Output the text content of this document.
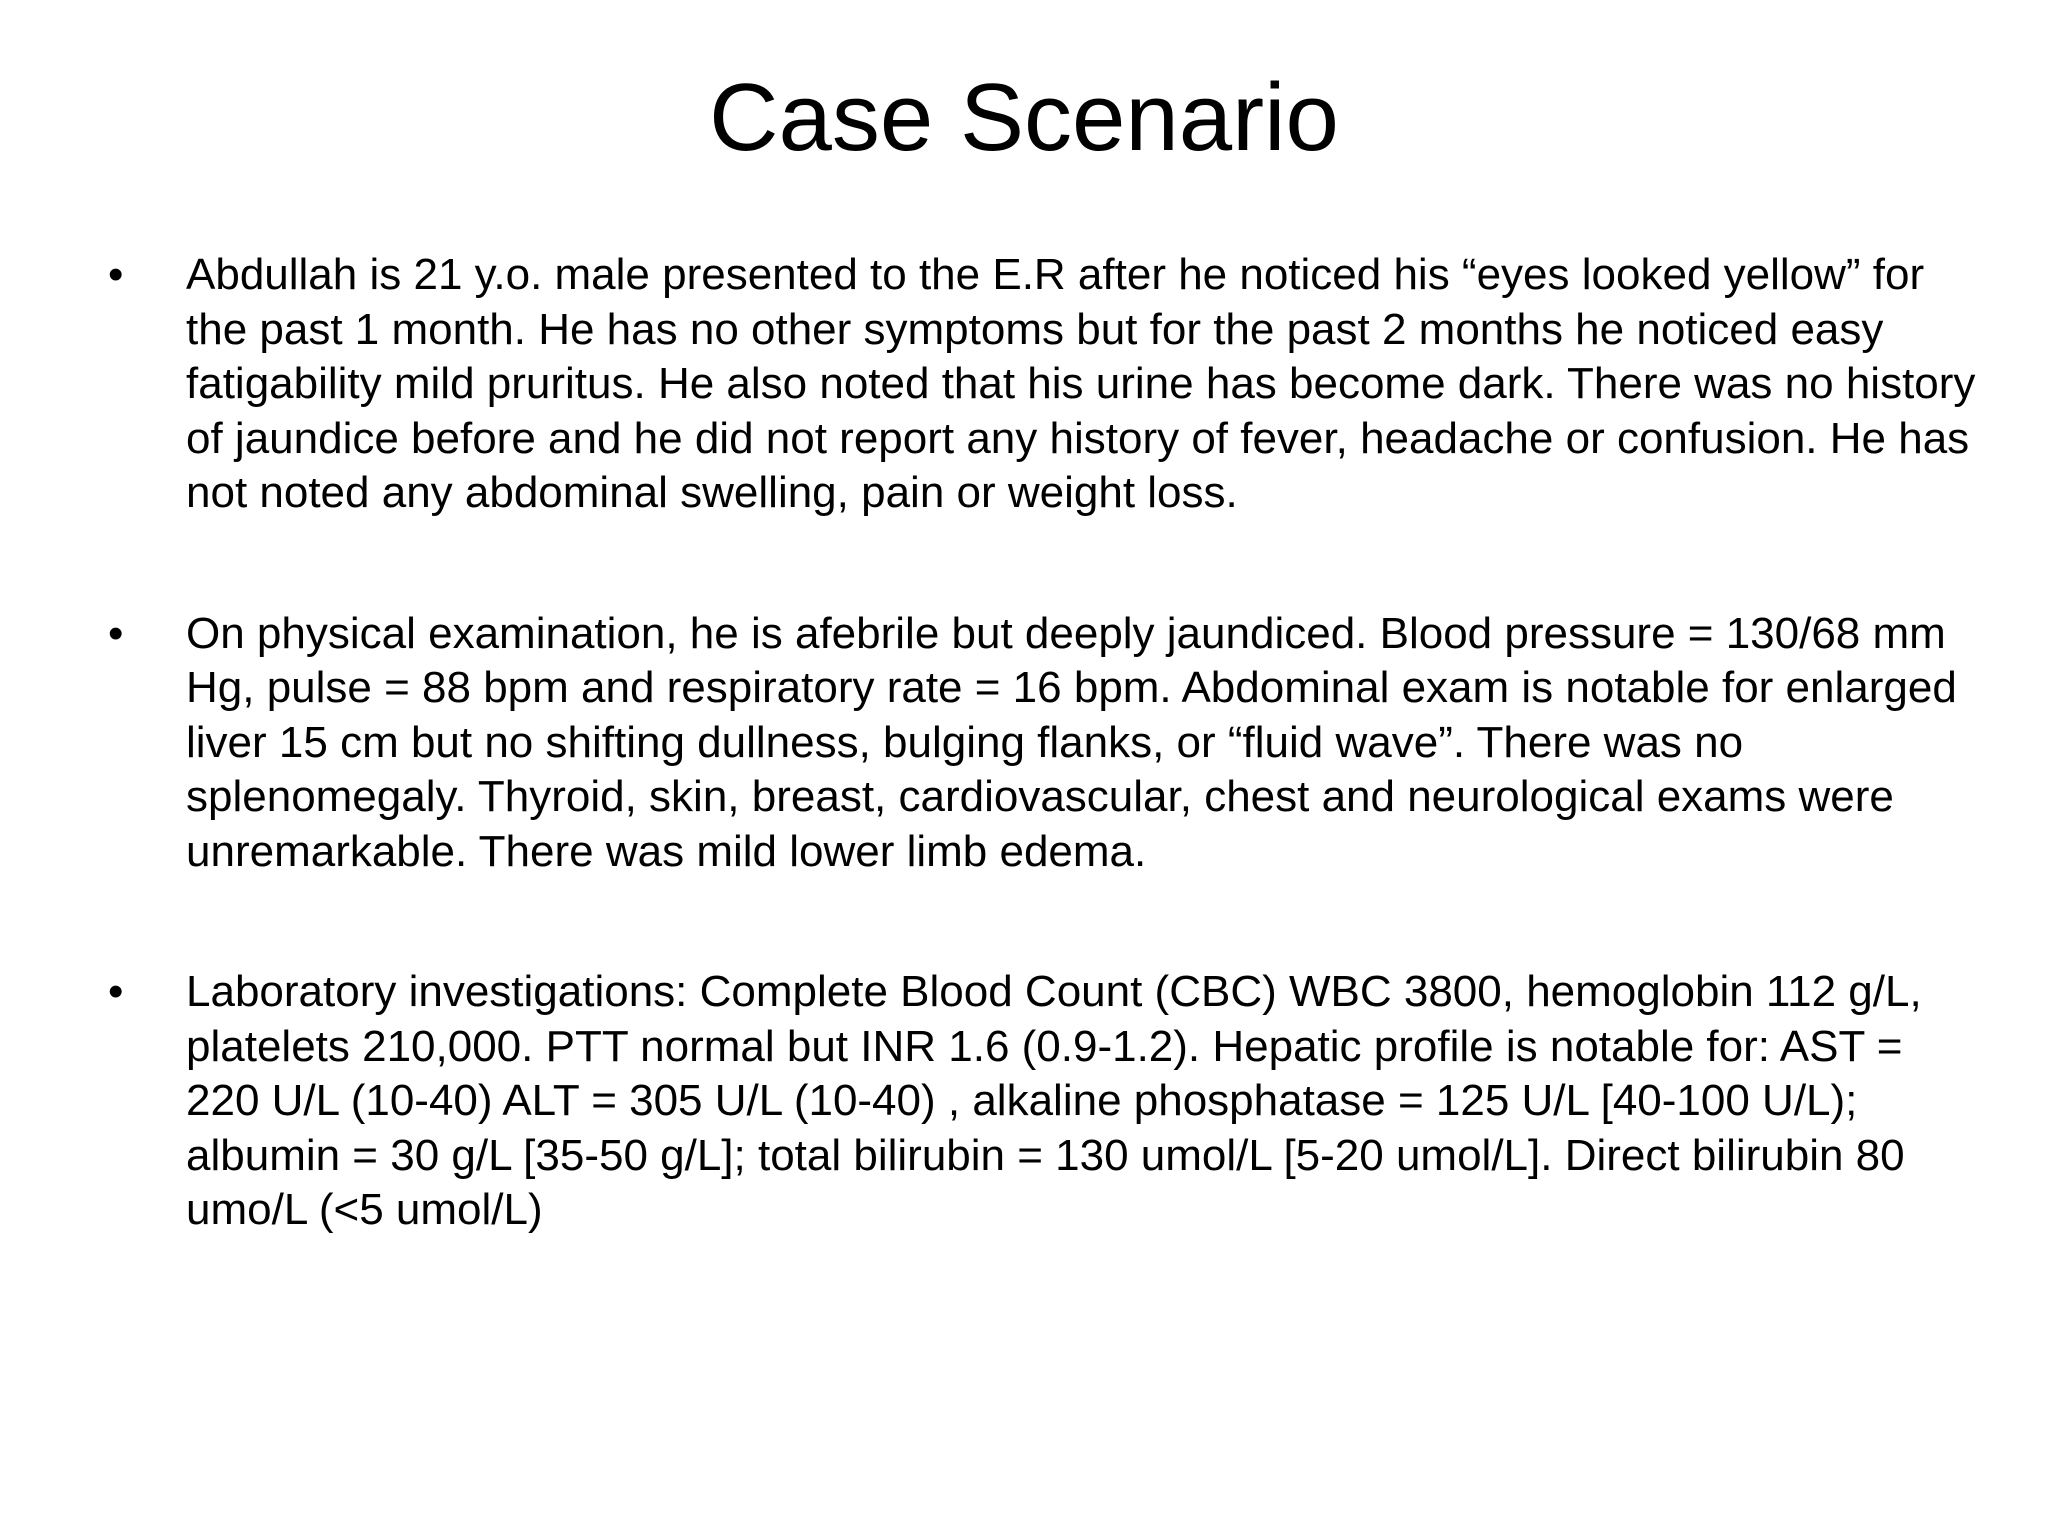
Case Scenario
• Abdullah is 21 y.o. male presented to the E.R after he noticed his “eyes looked yellow” for the past 1 month. He has no other symptoms but for the past 2 months he noticed easy fatigability mild pruritus. He also noted that his urine has become dark. There was no history of jaundice before and he did not report any history of fever, headache or confusion. He has not noted any abdominal swelling, pain or weight loss.
• On physical examination, he is afebrile but deeply jaundiced. Blood pressure = 130/68 mm Hg, pulse = 88 bpm and respiratory rate = 16 bpm. Abdominal exam is notable for enlarged liver 15 cm but no shifting dullness, bulging flanks, or “fluid wave”. There was no splenomegaly. Thyroid, skin, breast, cardiovascular, chest and neurological exams were unremarkable. There was mild lower limb edema.
• Laboratory investigations: Complete Blood Count (CBC) WBC 3800, hemoglobin 112 g/L, platelets 210,000. PTT normal but INR 1.6 (0.9-1.2). Hepatic profile is notable for: AST = 220 U/L (10-40) ALT = 305 U/L (10-40) , alkaline phosphatase = 125 U/L [40-100 U/L); albumin = 30 g/L [35-50 g/L]; total bilirubin = 130 umol/L [5-20 umol/L]. Direct bilirubin 80 umo/L (<5 umol/L)
